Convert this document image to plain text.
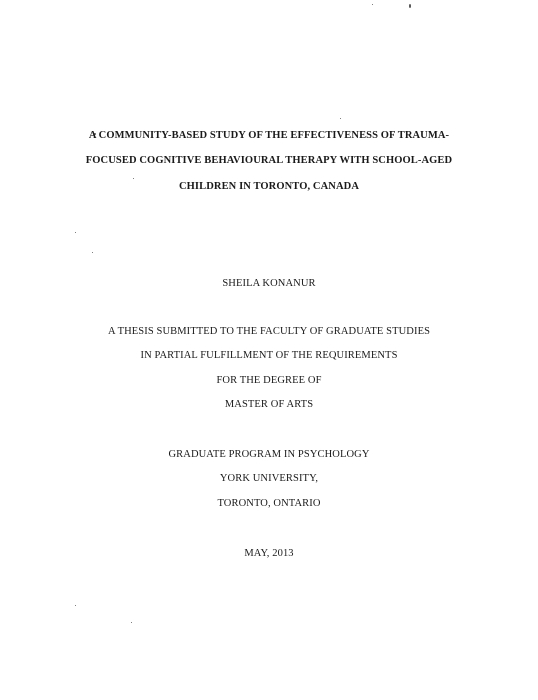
A COMMUNITY-BASED STUDY OF THE EFFECTIVENESS OF TRAUMA-
FOCUSED COGNITIVE BEHAVIOURAL THERAPY WITH SCHOOL-AGED
CHILDREN IN TORONTO, CANADA
SHEILA KONANUR
A THESIS SUBMITTED TO THE FACULTY OF GRADUATE STUDIES
IN PARTIAL FULFILLMENT OF THE REQUIREMENTS
FOR THE DEGREE OF
MASTER OF ARTS
GRADUATE PROGRAM IN PSYCHOLOGY
YORK UNIVERSITY,
TORONTO, ONTARIO
MAY, 2013
